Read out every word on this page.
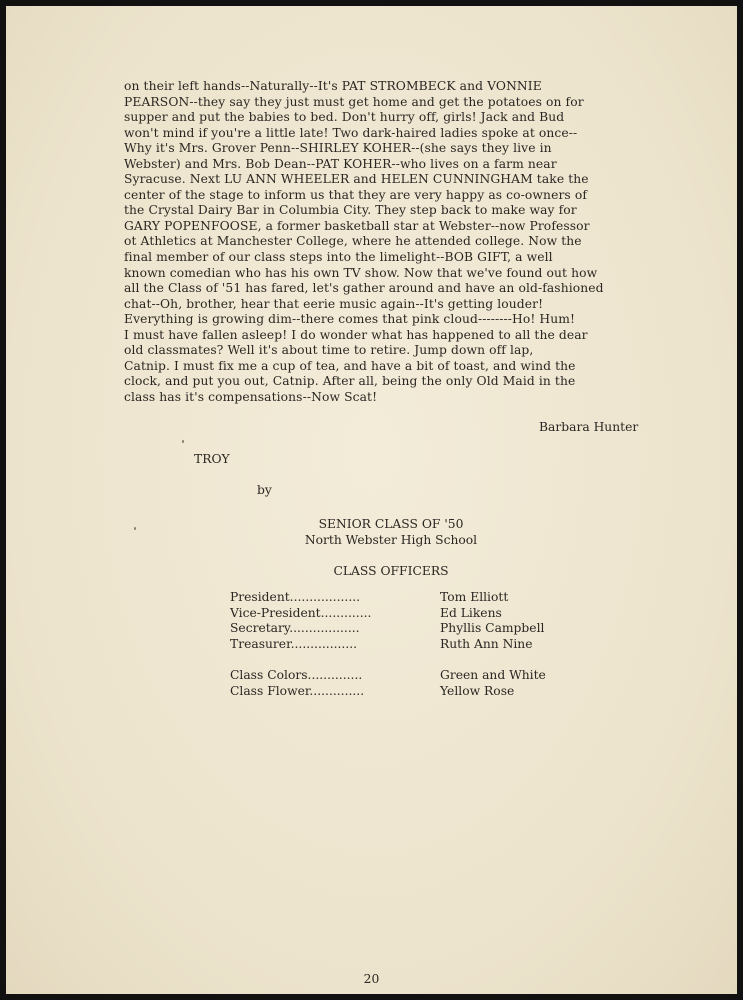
on their left hands--Naturally--It's PAT STROMBECK and VONNIE
PEARSON--they say they just must get home and get the potatoes on for
supper and put the babies to bed. Don't hurry off, girls! Jack and Bud
won't mind if you're a little late! Two dark-haired ladies spoke at once--
Why it's Mrs. Grover Penn--SHIRLEY KOHER--(she says they live in
Webster) and Mrs. Bob Dean--PAT KOHER--who lives on a farm near
Syracuse. Next LU ANN WHEELER and HELEN CUNNINGHAM take the
center of the stage to inform us that they are very happy as co-owners of
the Crystal Dairy Bar in Columbia City. They step back to make way for
GARY POPENFOOSE, a former basketball star at Webster--now Professor
ot Athletics at Manchester College, where he attended college. Now the
final member of our class steps into the limelight--BOB GIFT, a well
known comedian who has his own TV show. Now that we've found out how
all the Class of '51 has fared, let's gather around and have an old-fashioned
chat--Oh, brother, hear that eerie music again--It's getting louder!
Everything is growing dim--there comes that pink cloud--------Ho! Hum!
I must have fallen asleep! I do wonder what has happened to all the dear
old classmates? Well it's about time to retire. Jump down off lap,
Catnip. I must fix me a cup of tea, and have a bit of toast, and wind the
clock, and put you out, Catnip. After all, being the only Old Maid in the
class has it's compensations--Now Scat!
Barbara Hunter
TROY
by
SENIOR CLASS OF '50
North Webster High School
CLASS OFFICERS
President..................	Tom Elliott
Vice-President.............	Ed Likens
Secretary..................	Phyllis Campbell
Treasurer.................	Ruth Ann Nine
Class Colors..............	Green and White
Class Flower..............	Yellow Rose
20
